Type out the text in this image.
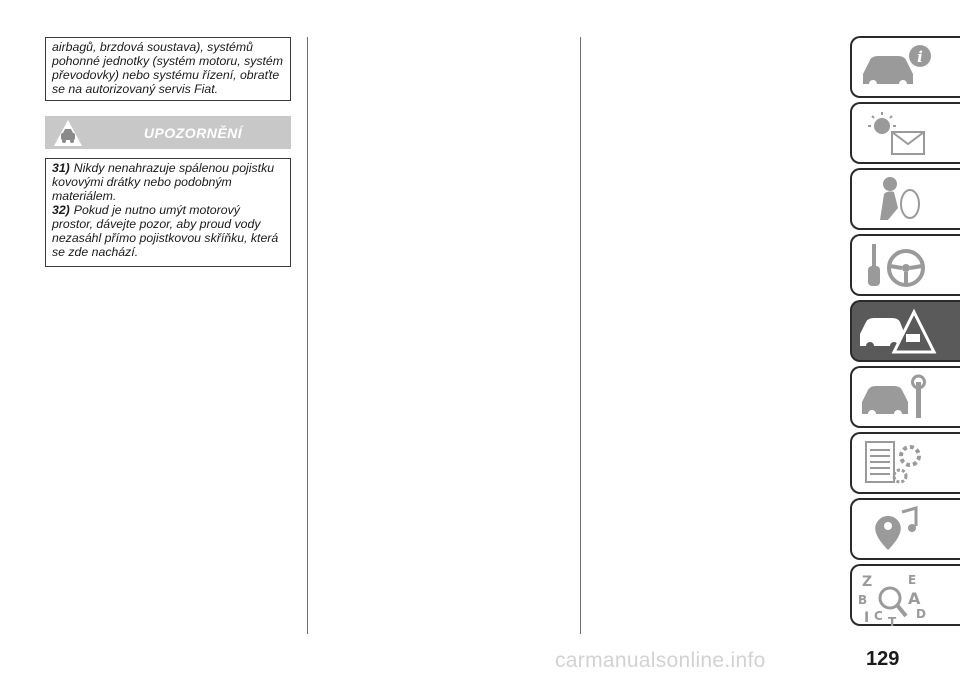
airbagů, brzdová soustava), systémů pohonné jednotky (systém motoru, systém převodovky) nebo systému řízení, obraťte se na autorizovaný servis Fiat.

UPOZORNĚNÍ

31) Nikdy nenahrazuje spálenou pojistku kovovými drátky nebo podobným materiálem.

32) Pokud je nutno umýt motorový prostor, dávejte pozor, aby proud vody nezasáhl přímo pojistkovou skříňku, která se zde nachází.

i
Z	E
B	A
I C T
D
carmanualsonline.info	129
